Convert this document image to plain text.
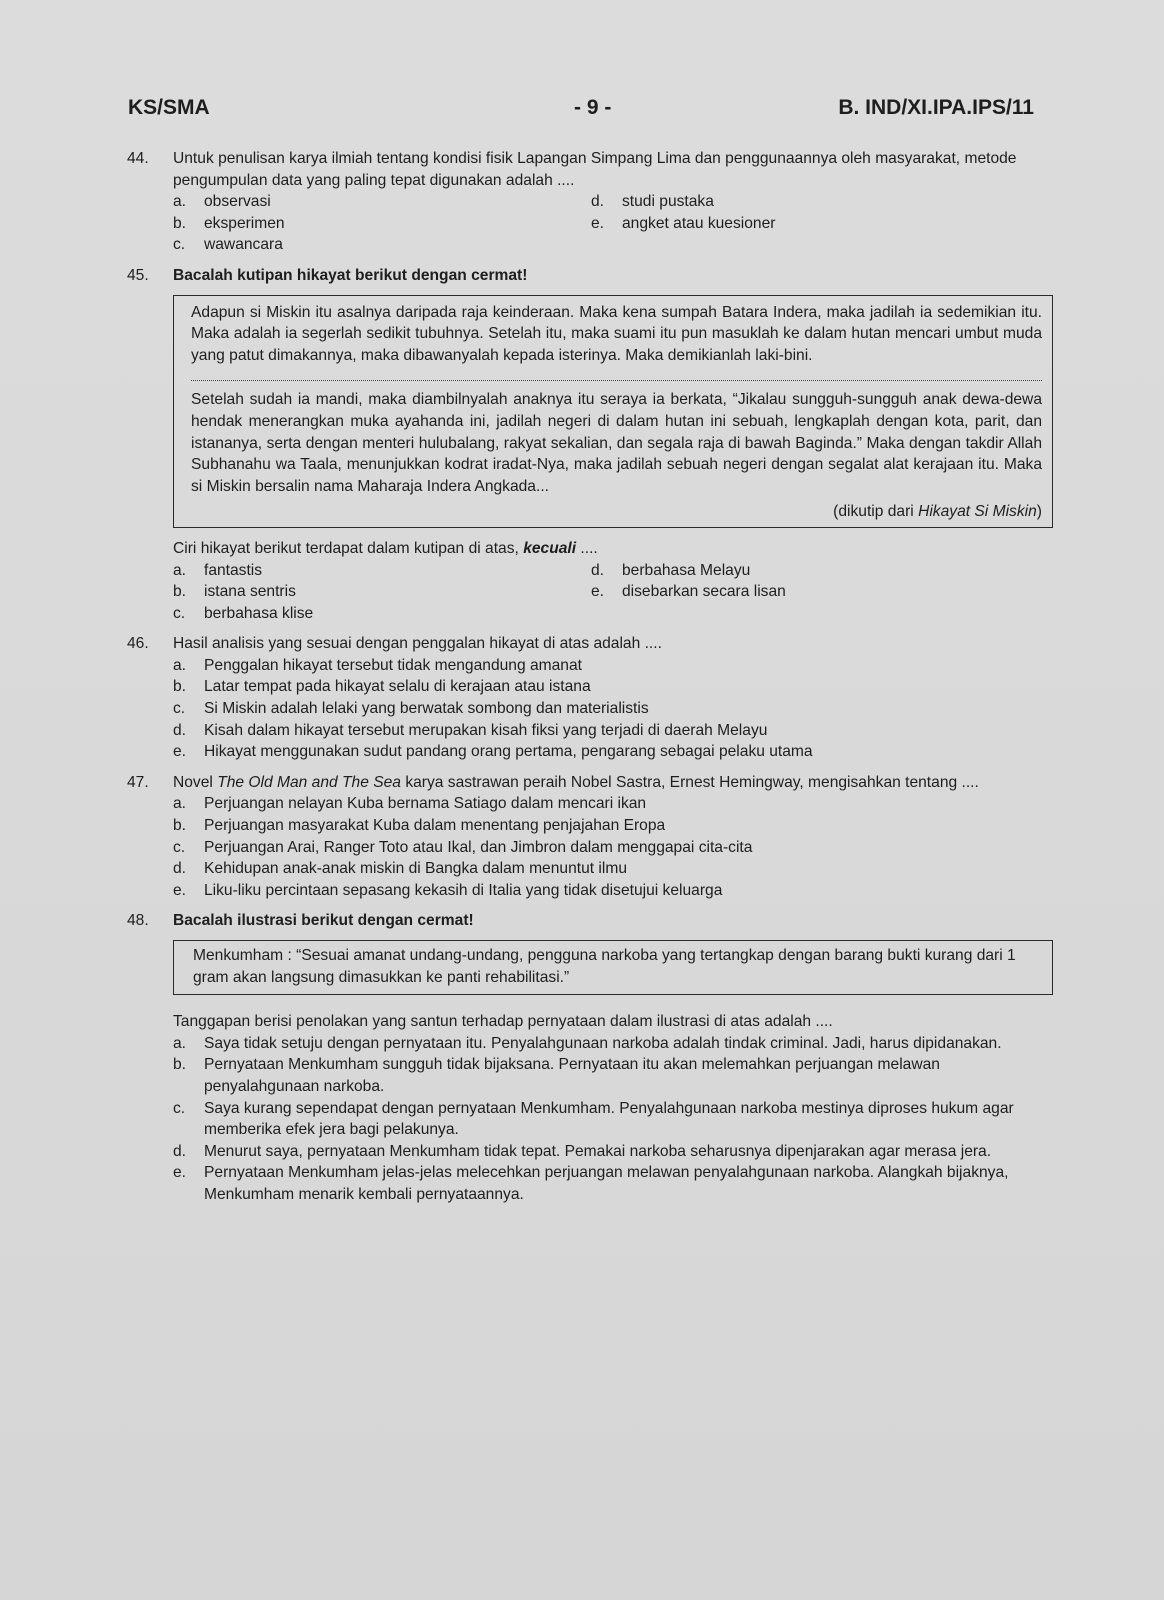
KS/SMA	- 9 -	B. IND/XI.IPA.IPS/11
44. Untuk penulisan karya ilmiah tentang kondisi fisik Lapangan Simpang Lima dan penggunaannya oleh masyarakat, metode pengumpulan data yang paling tepat digunakan adalah ....
a. observasi	d. studi pustaka
b. eksperimen	e. angket atau kuesioner
c. wawancara
45. Bacalah kutipan hikayat berikut dengan cermat!

Adapun si Miskin itu asalnya daripada raja keinderaan. Maka kena sumpah Batara Indera, maka jadilah ia sedemikian itu. Maka adalah ia segerlah sedikit tubuhnya. Setelah itu, maka suami itu pun masuklah ke dalam hutan mencari umbut muda yang patut dimakannya, maka dibawanyalah kepada isterinya. Maka demikianlah laki-bini.

Setelah sudah ia mandi, maka diambilnyalah anaknya itu seraya ia berkata, “Jikalau sungguh-sungguh anak dewa-dewa hendak menerangkan muka ayahanda ini, jadilah negeri di dalam hutan ini sebuah, lengkaplah dengan kota, parit, dan istananya, serta dengan menteri hulubalang, rakyat sekalian, dan segala raja di bawah Baginda.” Maka dengan takdir Allah Subhanahu wa Taala, menunjukkan kodrat iradat-Nya, maka jadilah sebuah negeri dengan segalat alat kerajaan itu. Maka si Miskin bersalin nama Maharaja Indera Angkada...

(dikutip dari Hikayat Si Miskin)
Ciri hikayat berikut terdapat dalam kutipan di atas, kecuali ....
a. fantastis	d. berbahasa Melayu
b. istana sentris	e. disebarkan secara lisan
c. berbahasa klise
46. Hasil analisis yang sesuai dengan penggalan hikayat di atas adalah ....
a. Penggalan hikayat tersebut tidak mengandung amanat
b. Latar tempat pada hikayat selalu di kerajaan atau istana
c. Si Miskin adalah lelaki yang berwatak sombong dan materialistis
d. Kisah dalam hikayat tersebut merupakan kisah fiksi yang terjadi di daerah Melayu
e. Hikayat menggunakan sudut pandang orang pertama, pengarang sebagai pelaku utama
47. Novel The Old Man and The Sea karya sastrawan peraih Nobel Sastra, Ernest Hemingway, mengisahkan tentang ....
a. Perjuangan nelayan Kuba bernama Satiago dalam mencari ikan
b. Perjuangan masyarakat Kuba dalam menentang penjajahan Eropa
c. Perjuangan Arai, Ranger Toto atau Ikal, dan Jimbron dalam menggapai cita-cita
d. Kehidupan anak-anak miskin di Bangka dalam menuntut ilmu
e. Liku-liku percintaan sepasang kekasih di Italia yang tidak disetujui keluarga
48. Bacalah ilustrasi berikut dengan cermat!
Menkumham : “Sesuai amanat undang-undang, pengguna narkoba yang tertangkap dengan barang bukti kurang dari 1 gram akan langsung dimasukkan ke panti rehabilitasi.”
Tanggapan berisi penolakan yang santun terhadap pernyataan dalam ilustrasi di atas adalah ....
a. Saya tidak setuju dengan pernyataan itu. Penyalahgunaan narkoba adalah tindak criminal. Jadi, harus dipidanakan.
b. Pernyataan Menkumham sungguh tidak bijaksana. Pernyataan itu akan melemahkan perjuangan melawan penyalahgunaan narkoba.
c. Saya kurang sependapat dengan pernyataan Menkumham. Penyalahgunaan narkoba mestinya diproses hukum agar memberika efek jera bagi pelakunya.
d. Menurut saya, pernyataan Menkumham tidak tepat. Pemakai narkoba seharusnya dipenjarakan agar merasa jera.
e. Pernyataan Menkumham jelas-jelas melecehkan perjuangan melawan penyalahgunaan narkoba. Alangkah bijaknya, Menkumham menarik kembali pernyataannya.
